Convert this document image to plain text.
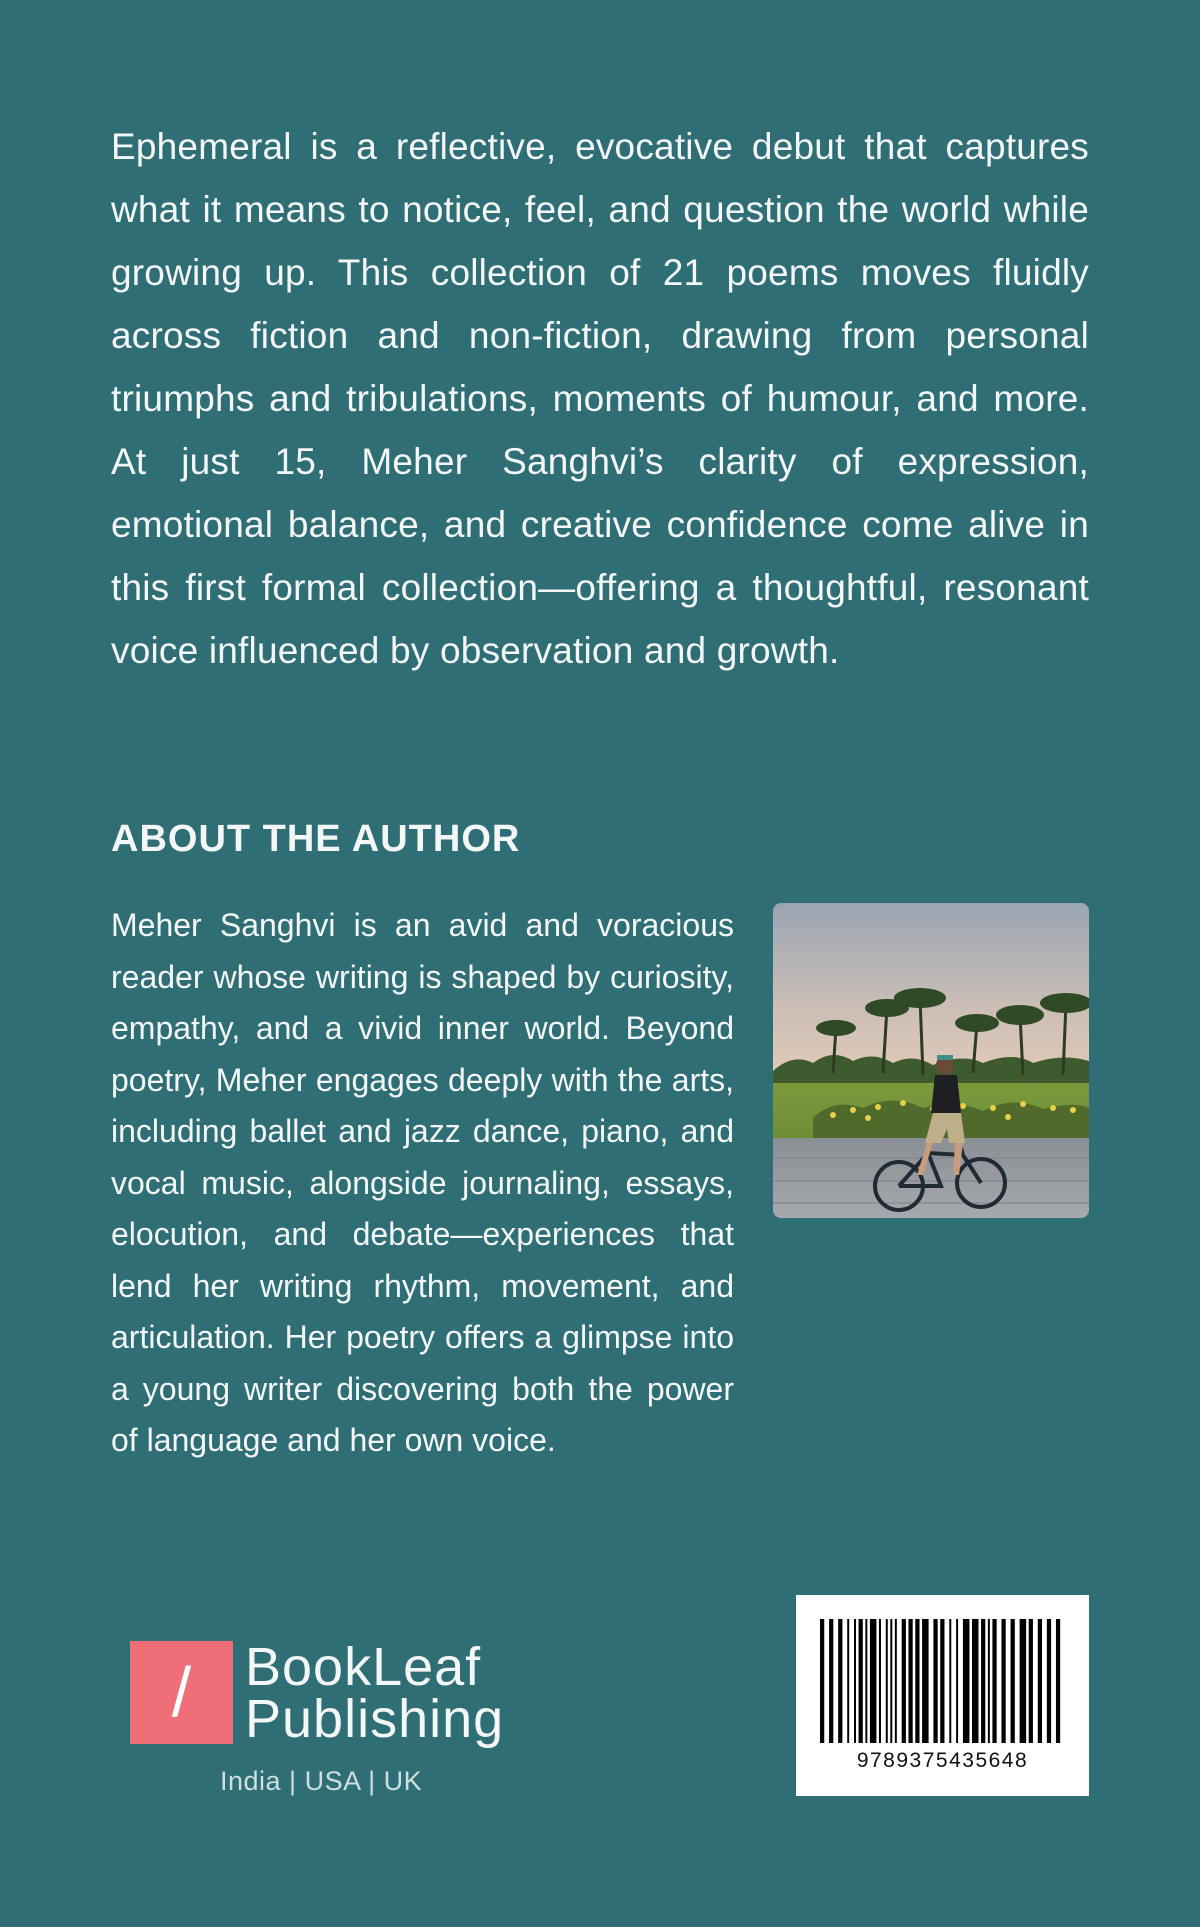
Ephemeral is a reflective, evocative debut that captures what it means to notice, feel, and question the world while growing up. This collection of 21 poems moves fluidly across fiction and non-fiction, drawing from personal triumphs and tribulations, moments of humour, and more. At just 15, Meher Sanghvi’s clarity of expression, emotional balance, and creative confidence come alive in this first formal collection—offering a thoughtful, resonant voice influenced by observation and growth.

ABOUT THE AUTHOR

Meher Sanghvi is an avid and voracious reader whose writing is shaped by curiosity, empathy, and a vivid inner world. Beyond poetry, Meher engages deeply with the arts, including ballet and jazz dance, piano, and vocal music, alongside journaling, essays, elocution, and debate—experiences that lend her writing rhythm, movement, and articulation. Her poetry offers a glimpse into a young writer discovering both the power of language and her own voice.

/ BookLeaf
Publishing
India | USA | UK
9789375435648
